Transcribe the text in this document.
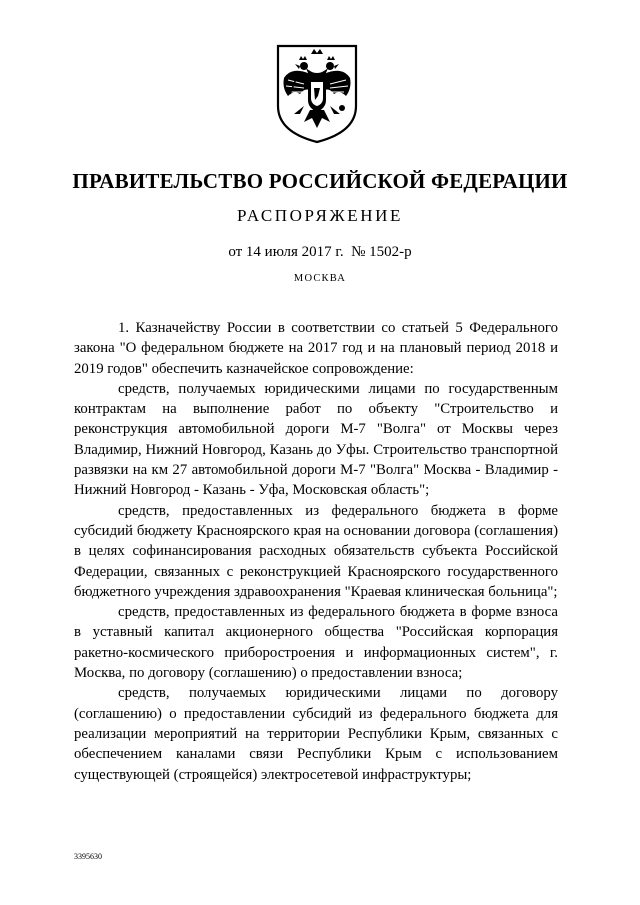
ПРАВИТЕЛЬСТВО РОССИЙСКОЙ ФЕДЕРАЦИИ
РАСПОРЯЖЕНИЕ
от 14 июля 2017 г. № 1502-р
МОСКВА

1. Казначейству России в соответствии со статьей 5 Федерального закона "О федеральном бюджете на 2017 год и на плановый период 2018 и 2019 годов" обеспечить казначейское сопровождение:

средств, получаемых юридическими лицами по государственным контрактам на выполнение работ по объекту "Строительство и реконструкция автомобильной дороги М-7 "Волга" от Москвы через Владимир, Нижний Новгород, Казань до Уфы. Строительство транспортной развязки на км 27 автомобильной дороги М-7 "Волга" Москва - Владимир - Нижний Новгород - Казань - Уфа, Московская область";

средств, предоставленных из федерального бюджета в форме субсидий бюджету Красноярского края на основании договора (соглашения) в целях софинансирования расходных обязательств субъекта Российской Федерации, связанных с реконструкцией Красноярского государственного бюджетного учреждения здравоохранения "Краевая клиническая больница";

средств, предоставленных из федерального бюджета в форме взноса в уставный капитал акционерного общества "Российская корпорация ракетно-космического приборостроения и информационных систем", г. Москва, по договору (соглашению) о предоставлении взноса;

средств, получаемых юридическими лицами по договору (соглашению) о предоставлении субсидий из федерального бюджета для реализации мероприятий на территории Республики Крым, связанных с обеспечением каналами связи Республики Крым с использованием существующей (строящейся) электросетевой инфраструктуры;

3395630
